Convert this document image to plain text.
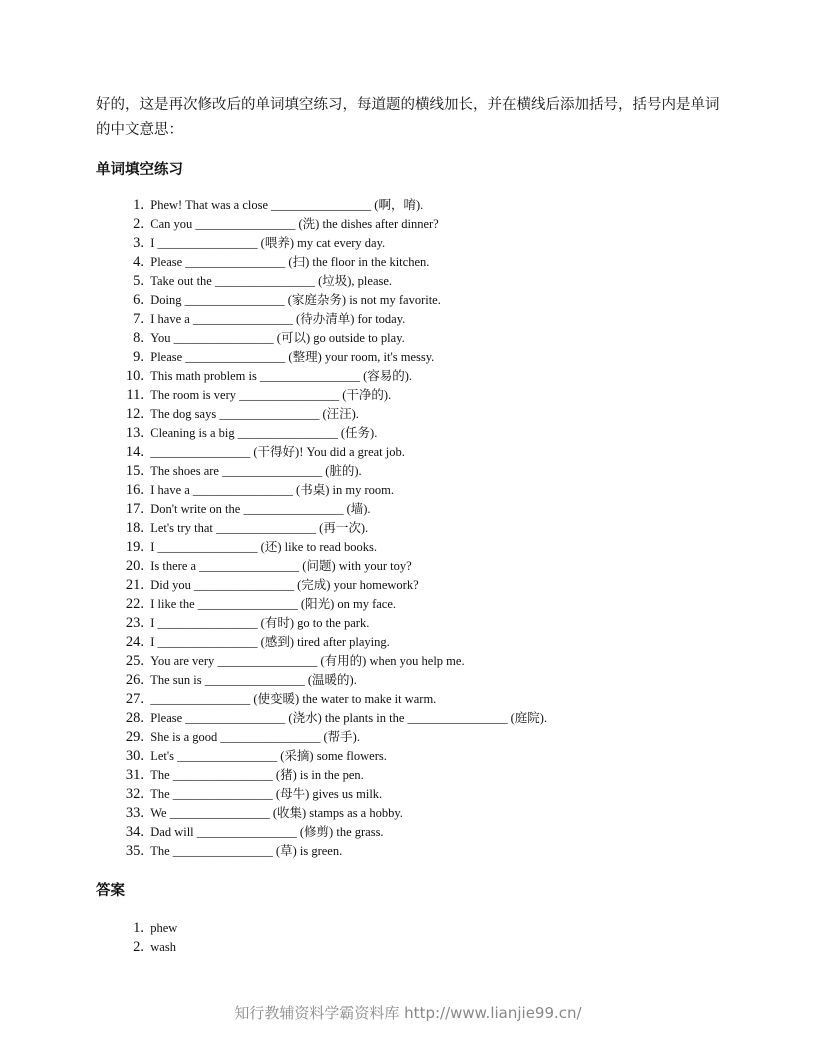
好的，这是再次修改后的单词填空练习，每道题的横线加长，并在横线后添加括号，括号内是单词的中文意思：
单词填空练习
1. Phew! That was a close ________________ (啊，唷).
2. Can you ________________ (洗) the dishes after dinner?
3. I ________________ (喂养) my cat every day.
4. Please ________________ (扫) the floor in the kitchen.
5. Take out the ________________ (垃圾), please.
6. Doing ________________ (家庭杂务) is not my favorite.
7. I have a ________________ (待办清单) for today.
8. You ________________ (可以) go outside to play.
9. Please ________________ (整理) your room, it's messy.
10. This math problem is ________________ (容易的).
11. The room is very ________________ (干净的).
12. The dog says ________________ (汪汪).
13. Cleaning is a big ________________ (任务).
14. ________________ (干得好)! You did a great job.
15. The shoes are ________________ (脏的).
16. I have a ________________ (书桌) in my room.
17. Don't write on the ________________ (墙).
18. Let's try that ________________ (再一次).
19. I ________________ (还) like to read books.
20. Is there a ________________ (问题) with your toy?
21. Did you ________________ (完成) your homework?
22. I like the ________________ (阳光) on my face.
23. I ________________ (有时) go to the park.
24. I ________________ (感到) tired after playing.
25. You are very ________________ (有用的) when you help me.
26. The sun is ________________ (温暖的).
27. ________________ (使变暖) the water to make it warm.
28. Please ________________ (浇水) the plants in the ________________ (庭院).
29. She is a good ________________ (帮手).
30. Let's ________________ (采摘) some flowers.
31. The ________________ (猪) is in the pen.
32. The ________________ (母牛) gives us milk.
33. We ________________ (收集) stamps as a hobby.
34. Dad will ________________ (修剪) the grass.
35. The ________________ (草) is green.
答案
1. phew
2. wash
知行教辅资料学霸资料库 http://www.lianjie99.cn/
